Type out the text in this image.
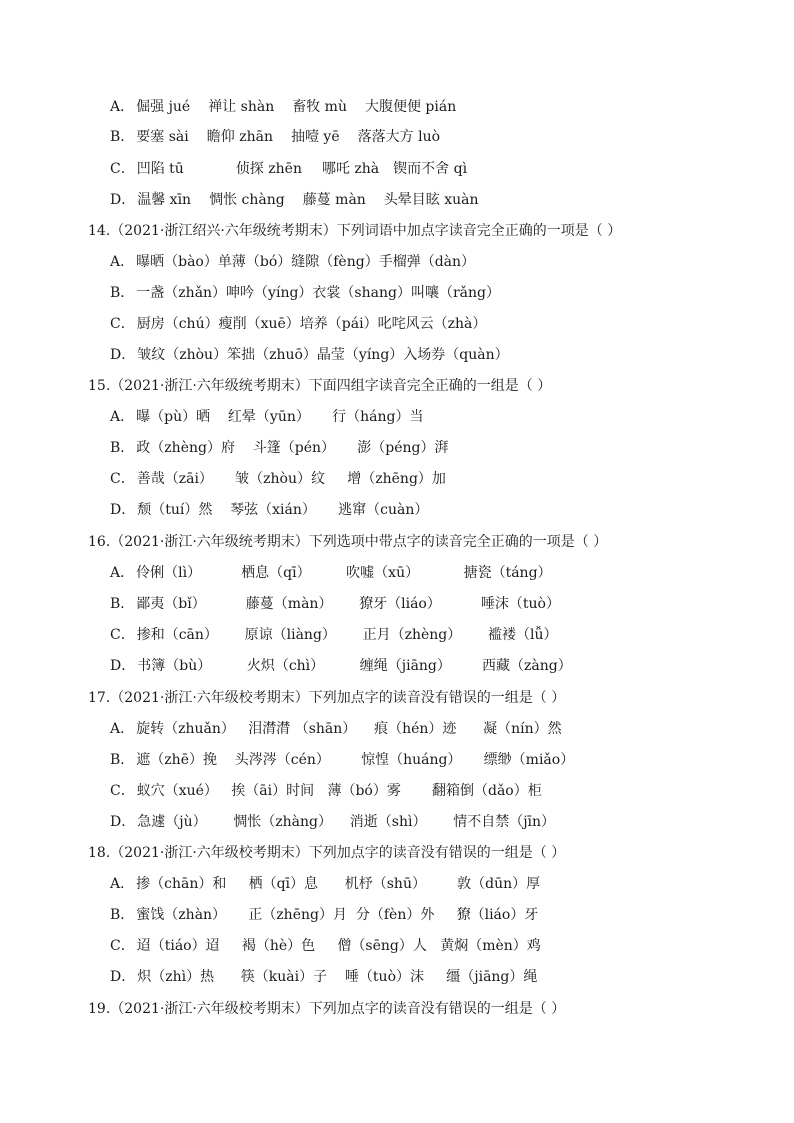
A． 倔强 jué 禅让 shàn 畜牧 mù 大腹便便 pián
B． 要塞 sài 瞻仰 zhān 抽噎 yē 落落大方 luò
C． 凹陷 tū	侦探 zhēn 哪吒 zhà 锲而不舍 qì
D． 温馨 xīn 惆怅 chàng 藤蔓 màn 头晕目眩 xuàn
14.（2021·浙江绍兴·六年级统考期末）下列词语中加点字读音完全正确的一项是（ ）
A． 曝晒（bào）单薄（bó）缝隙（fèng）手榴弹（dàn）
B． 一盏（zhǎn）呻吟（yíng）衣裳（shang）叫嚷（rǎng）
C． 厨房（chú）瘦削（xuē）培养（pái）叱咤风云（zhà）
D． 皱纹（zhòu）笨拙（zhuō）晶莹（yíng）入场券（quàn）
15.（2021·浙江·六年级统考期末）下面四组字读音完全正确的一组是（ ）
A． 曝（pù）晒    红晕（yūn）     行（háng）当
B． 政（zhèng）府    斗篷（pén）     澎（péng）湃
C． 善哉（zāi）     皱（zhòu）纹     增（zhēng）加
D． 颓（tuí）然    琴弦（xián）     逃窜（cuàn）
16.（2021·浙江·六年级统考期末）下列选项中带点字的读音完全正确的一项是（ ）
A． 伶俐（lì）         栖息（qī）        吹嘘（xū）          搪瓷（táng）
B． 鄙夷（bǐ）         藤蔓（màn）      獠牙（liáo）         唾沫（tuò）
C． 掺和（cān）      原谅（liàng）      正月（zhèng）      褴褛（lǚ）
D． 书簿（bù）        火炽（chì）        缠绳（jiāng）       西藏（zàng）
17.（2021·浙江·六年级校考期末）下列加点字的读音没有错误的一组是（ ）
A． 旋转（zhuǎn）   泪潸潸 （shān）    痕（hén）迹      凝（nín）然
B． 遮（zhē）挽    头涔涔（cén）       惊惶（huáng）     缥缈（miǎo）
C． 蚁穴（xué）   挨（āi）时间   薄（bó）雾       翻箱倒（dǎo）柜
D． 急遽（jù）      惆怅（zhàng）    消逝（shì）      情不自禁（jīn）
18.（2021·浙江·六年级校考期末）下列加点字的读音没有错误的一组是（ ）
A． 掺（chān）和     栖（qī）息      机杼（shū）       敦（dūn）厚
B． 蜜饯（zhàn）     正（zhēng）月  分（fèn）外     獠（liáo）牙
C． 迢（tiáo）迢     褐（hè）色     僧（sēng）人   黄焖（mèn）鸡
D． 炽（zhì）热      筷（kuài）子    唾（tuò）沫     缰（jiāng）绳
19.（2021·浙江·六年级校考期末）下列加点字的读音没有错误的一组是（ ）
